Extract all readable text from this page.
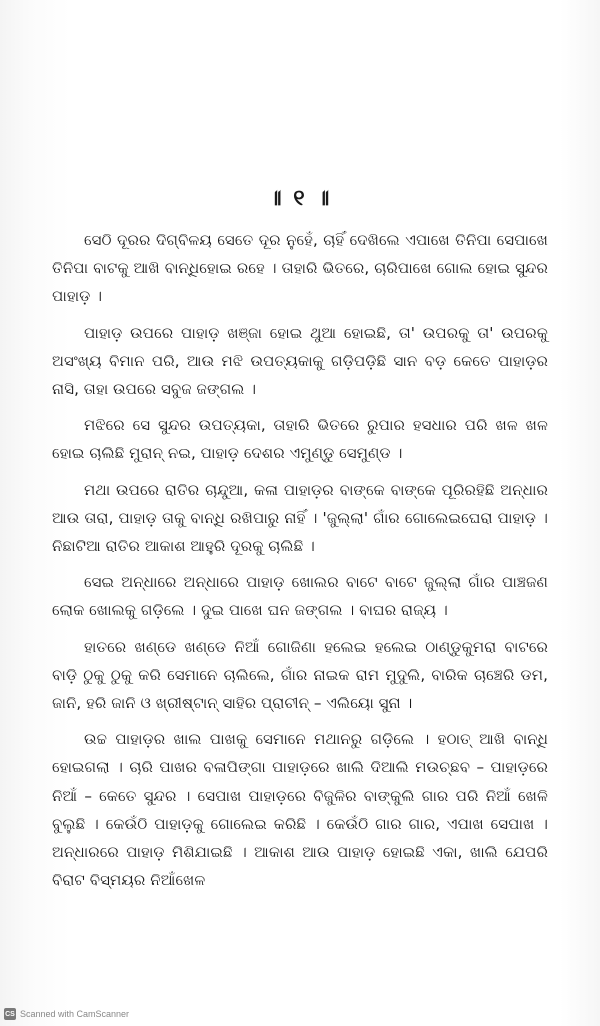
॥ ୧ ॥

ସେଠି ଦୂରର ଦିଗ୍‌ବିଳୟ ସେତେ ଦୂର ନୁହେଁ, ଚାହିଁ ଦେଖିଲେ ଏପାଖେ ତିନିପା ସେପାଖେ ତିନିପା ବାଟକୁ ଆଖି ବାନ୍ଧିହୋଇ ରହେ । ତାହାରି ଭିତରେ, ଚାରିପାଖେ ଗୋଲ ହୋଇ ସୁନ୍ଦର ପାହାଡ଼ ।

ପାହାଡ଼ ଉପରେ ପାହାଡ଼ ଖଞ୍ଜା ହୋଇ ଥୁଆ ହୋଇଛି, ତା' ଉପରକୁ ତା' ଉପରକୁ ଅସଂଖ୍ୟ ବିମାନ ପରି, ଆଉ ମଝି ଉପତ୍ୟକାକୁ ଗଡ଼ିପଡ଼ିଛି ସାନ ବଡ଼ କେତେ ପାହାଡ଼ର ନାସି, ତାହା ଉପରେ ସବୁଜ ଜଙ୍ଗଲ ।

ମଝିରେ ସେ ସୁନ୍ଦର ଉପତ୍ୟକା, ତାହାରି ଭିତରେ ରୁପାର ହସଧାର ପରି ଖଳ ଖଳ ହୋଇ ଚାଲିଛି ମୁରାନ୍ ନଇ, ପାହାଡ଼ ଦେଶର ଏମୁଣ୍ଡୁ ସେମୁଣ୍ଡ ।

ମଥା ଉପରେ ରାତିର ଚାନ୍ଦୁଆ, କଳା ପାହାଡ଼ର ବାଙ୍କେ ବାଙ୍କେ ପୂରିରହିଛି ଅନ୍ଧାର ଆଉ ତାରା, ପାହାଡ଼ ତାକୁ ବାନ୍ଧି ରଖିପାରୁ ନାହିଁ । 'ଜୁଲ୍ଲା' ଗାଁର ଗୋଲେଇଘେରା ପାହାଡ଼ । ନିଛାଟିଆ ରାତିର ଆକାଶ ଆହୁରି ଦୂରକୁ ଚାଲିଛି ।

ସେଇ ଅନ୍ଧାରେ ଅନ୍ଧାରେ ପାହାଡ଼ ଖୋଲର ବାଟେ ବାଟେ ଜୁଲ୍ଲା ଗାଁର ପାଞ୍ଚଜଣ ଲୋକ ଖୋଲକୁ ଗଡ଼ିଲେ । ଦୁଇ ପାଖେ ଘନ ଜଙ୍ଗଲ । ବାଘର ରାଜ୍ୟ ।

ହାତରେ ଖଣ୍ଡେ ଖଣ୍ଡେ ନିଆଁ ଗୋଜିଣା ହଲେଇ ହଲେଇ ଠାଣ୍ଡୁକୁମରା ବାଟରେ ବାଡ଼ି ଠୁକୁ ଠୁକୁ କରି ସେମାନେ ଚାଲିଲେ, ଗାଁର ନାଇକ ରାମ ମୁଦୁଲି, ବାରିକ ଚାଞ୍ଚେରି ଡମ, ଜାନି, ହରି ଜାନି ଓ ଖ୍ରୀଷ୍ଟାନ୍ ସାହିର ପ୍ରାଚୀନ୍ – ଏଲିୟୋ ସୁନା ।

ଉଚ୍ଚ ପାହାଡ଼ର ଖାଲ ପାଖକୁ ସେମାନେ ମଥାନରୁ ଗଡ଼ିଲେ । ହଠାତ୍ ଆଖି ବାନ୍ଧି ହୋଇଗଲା । ଚାରି ପାଖର ବଳାପିଙ୍ଗା ପାହାଡ଼ରେ ଖାଲି ଦିଆଲି ମଉଚ୍ଛବ – ପାହାଡ଼ରେ ନିଆଁ – କେତେ ସୁନ୍ଦର । ସେପାଖ ପାହାଡ଼ରେ ବିଜୁଳିର ବାଙ୍କୁଲି ଗାର ପରି ନିଆଁ ଖେଳି ବୁଲୁଛି । କେଉଁଠି ପାହାଡ଼କୁ ଗୋଲେଇ କରିଛି । କେଉଁଠି ଗାର ଗାର, ଏପାଖ ସେପାଖ । ଅନ୍ଧାରରେ ପାହାଡ଼ ମିଶିଯାଇଛି । ଆକାଶ ଆଉ ପାହାଡ଼ ହୋଇଛି ଏକା, ଖାଲି ଯେପରି ବିରାଟ ବିସ୍ମୟର ନିଆଁଖେଳ

CS Scanned with CamScanner
